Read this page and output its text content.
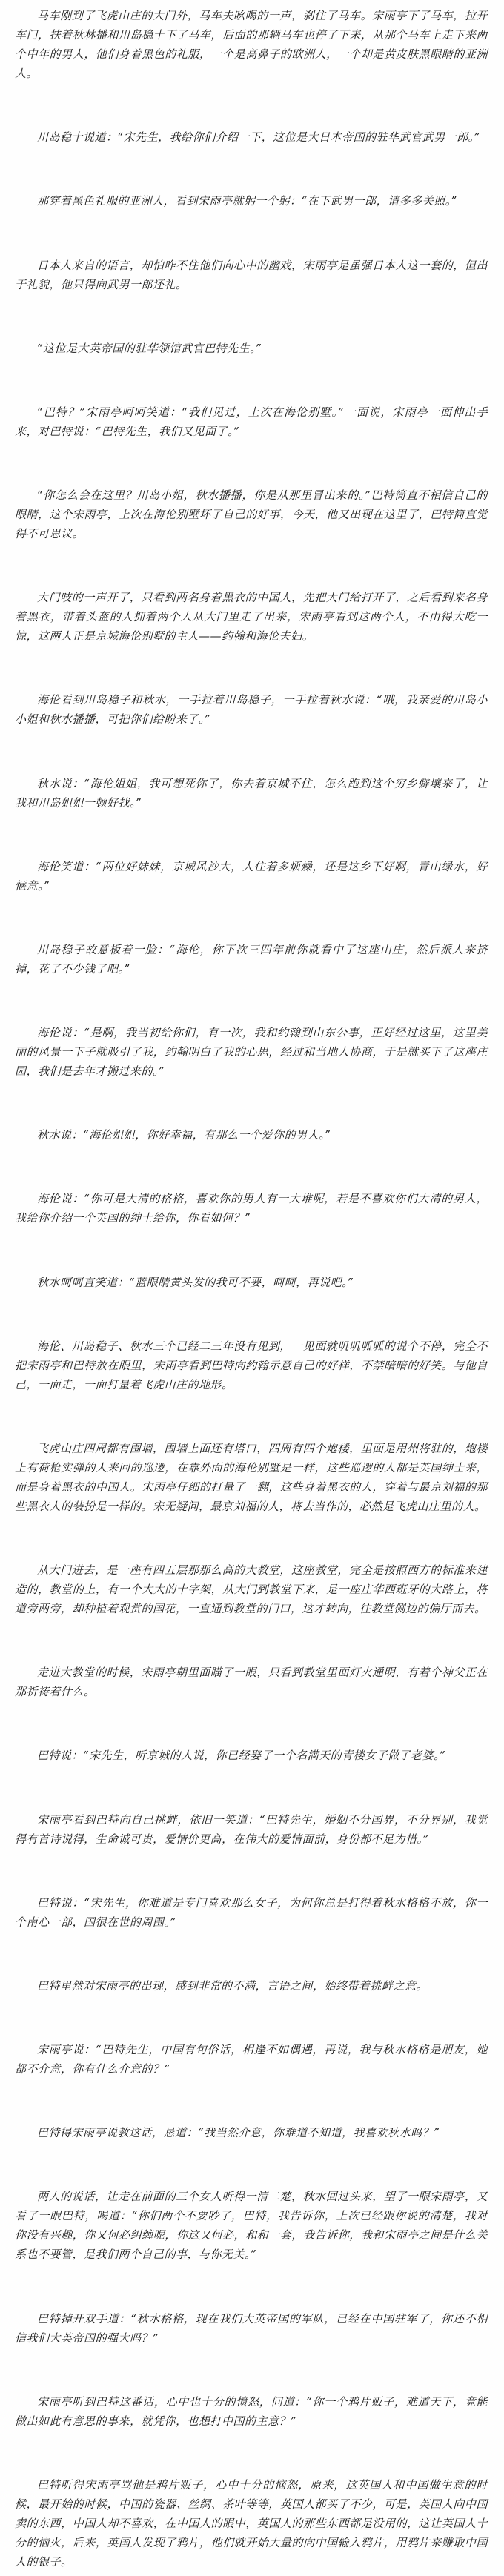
马车刚到了飞虎山庄的大门外，马车夫吆喝的一声，刹住了马车。宋雨亭下了马车，拉开车门，扶着秋林播和川岛稳十下了马车，后面的那辆马车也停了下来，从那个马车上走下来两个中年的男人，他们身着黑色的礼服，一个是高鼻子的欧洲人，一个却是黄皮肤黑眼睛的亚洲人。

川岛稳十说道：“宋先生，我给你们介绍一下，这位是大日本帝国的驻华武官武男一郎。”

那穿着黑色礼服的亚洲人，看到宋雨亭就躬一个躬：“在下武男一郎，请多多关照。”

日本人来自的语言，却怕咋不住他们向心中的幽戏，宋雨亭是虽强日本人这一套的，但出于礼貌，他只得向武男一郎还礼。

“这位是大英帝国的驻华领馆武官巴特先生。”

“巴特？”宋雨亭呵呵笑道：“我们见过，上次在海伦别墅。”一面说，宋雨亭一面伸出手来，对巴特说：“巴特先生，我们又见面了。”

“你怎么会在这里？川岛小姐，秋水播播，你是从那里冒出来的。”巴特简直不相信自己的眼睛，这个宋雨亭，上次在海伦别墅坏了自己的好事，今天，他又出现在这里了，巴特简直觉得不可思议。

大门吱的一声开了，只看到两名身着黑衣的中国人，先把大门给打开了，之后看到来名身着黑衣，带着头盔的人拥着两个人从大门里走了出来，宋雨亭看到这两个人，不由得大吃一惊，这两人正是京城海伦别墅的主人——约翰和海伦夫妇。

海伦看到川岛稳子和秋水，一手拉着川岛稳子，一手拉着秋水说：“哦，我亲爱的川岛小小姐和秋水播播，可把你们给盼来了。”

秋水说：“海伦姐姐，我可想死你了，你去着京城不住，怎么跑到这个穷乡僻壤来了，让我和川岛姐姐一顿好找。”

海伦笑道：“两位好妹妹，京城风沙大，人住着多烦燥，还是这乡下好啊，青山绿水，好惬意。”

川岛稳子故意板着一脸：“海伦，你下次三四年前你就看中了这座山庄，然后派人来挤掉，花了不少钱了吧。”

海伦说：“是啊，我当初给你们，有一次，我和约翰到山东公事，正好经过这里，这里美丽的风景一下子就吸引了我，约翰明白了我的心思，经过和当地人协商，于是就买下了这座庄园，我们是去年才搬过来的。”

秋水说：“海伦姐姐，你好幸福，有那么一个爱你的男人。”

海伦说：“你可是大清的格格，喜欢你的男人有一大堆呢，若是不喜欢你们大清的男人，我给你介绍一个英国的绅士给你，你看如何？”

秋水呵呵直笑道：“蓝眼睛黄头发的我可不要，呵呵，再说吧。”

海伦、川岛稳子、秋水三个已经二三年没有见到，一见面就叽叽呱呱的说个不停，完全不把宋雨亭和巴特放在眼里，宋雨亭看到巴特向约翰示意自己的好样，不禁暗暗的好笑。与他自己，一面走，一面打量着飞虎山庄的地形。

飞虎山庄四周都有围墙，围墙上面还有塔口，四周有四个炮楼，里面是用州将驻的，炮楼上有荷枪实弹的人来回的巡逻，在靠外面的海伦别墅是一样，这些巡逻的人都是英国绅士来，而是身着黑衣的中国人。宋雨亭仔细的打量了一翻，这些身着黑衣的人，穿着与最京刘福的那些黑衣人的装扮是一样的。宋无疑问，最京刘福的人，将去当作的，必然是飞虎山庄里的人。

从大门进去，是一座有四五层那那么高的大教堂，这座教堂，完全是按照西方的标准来建造的，教堂的上，有一个大大的十字架，从大门到教堂下来，是一座庄华西班牙的大路上，将道旁两旁，却种植着观赏的国花，一直通到教堂的门口，这才转向，往教堂侧边的偏厅而去。

走进大教堂的时候，宋雨亭朝里面瞄了一眼，只看到教堂里面灯火通明，有着个神父正在那祈祷着什么。

巴特说：“宋先生，听京城的人说，你已经娶了一个名满天的青楼女子做了老婆。”

宋雨亭看到巴特向自己挑衅，依旧一笑道：“巴特先生，婚姻不分国界，不分界别，我觉得有首诗说得，生命诚可贵，爱情价更高，在伟大的爱情面前，身份都不足为惜。”

巴特说：“宋先生，你难道是专门喜欢那么女子，为何你总是打得着秋水格格不放，你一个南心一部，国很在世的周围。”

巴特里然对宋雨亭的出现，感到非常的不满，言语之间，始终带着挑衅之意。

宋雨亭说：“巴特先生，中国有句俗话，相逢不如偶遇，再说，我与秋水格格是朋友，她都不介意，你有什么介意的？”

巴特得宋雨亭说教这话，恳道：“我当然介意，你难道不知道，我喜欢秋水吗？”

两人的说话，让走在前面的三个女人听得一清二楚，秋水回过头来，望了一眼宋雨亭，又看了一眼巴特，喝道：“你们两个不要吵了，巴特，我告诉你，上次已经跟你说的清楚，我对你没有兴趣，你又何必纠缠呢，你这又何必，和和一套，我告诉你，我和宋雨亭之间是什么关系也不要管，是我们两个自己的事，与你无关。”

巴特掉开双手道：“秋水格格，现在我们大英帝国的军队，已经在中国驻军了，你还不相信我们大英帝国的强大吗？”

宋雨亭听到巴特这番话，心中也十分的愤怒，问道：“你一个鸦片贩子，难道天下，竟能做出如此有意思的事来，就凭你，也想打中国的主意？”

巴特听得宋雨亭骂他是鸦片贩子，心中十分的恼怒，原来，这英国人和中国做生意的时候，最开始的时候，中国的瓷器、丝绸、茶叶等等，英国人都买了不少，可是，英国人向中国卖的东西，中国人却不喜欢，在中国人的眼中，英国人的那些东西都是没用的，这让英国人十分的恼火，后来，英国人发现了鸦片，他们就开始大量的向中国输入鸦片，用鸦片来赚取中国人的银子。
